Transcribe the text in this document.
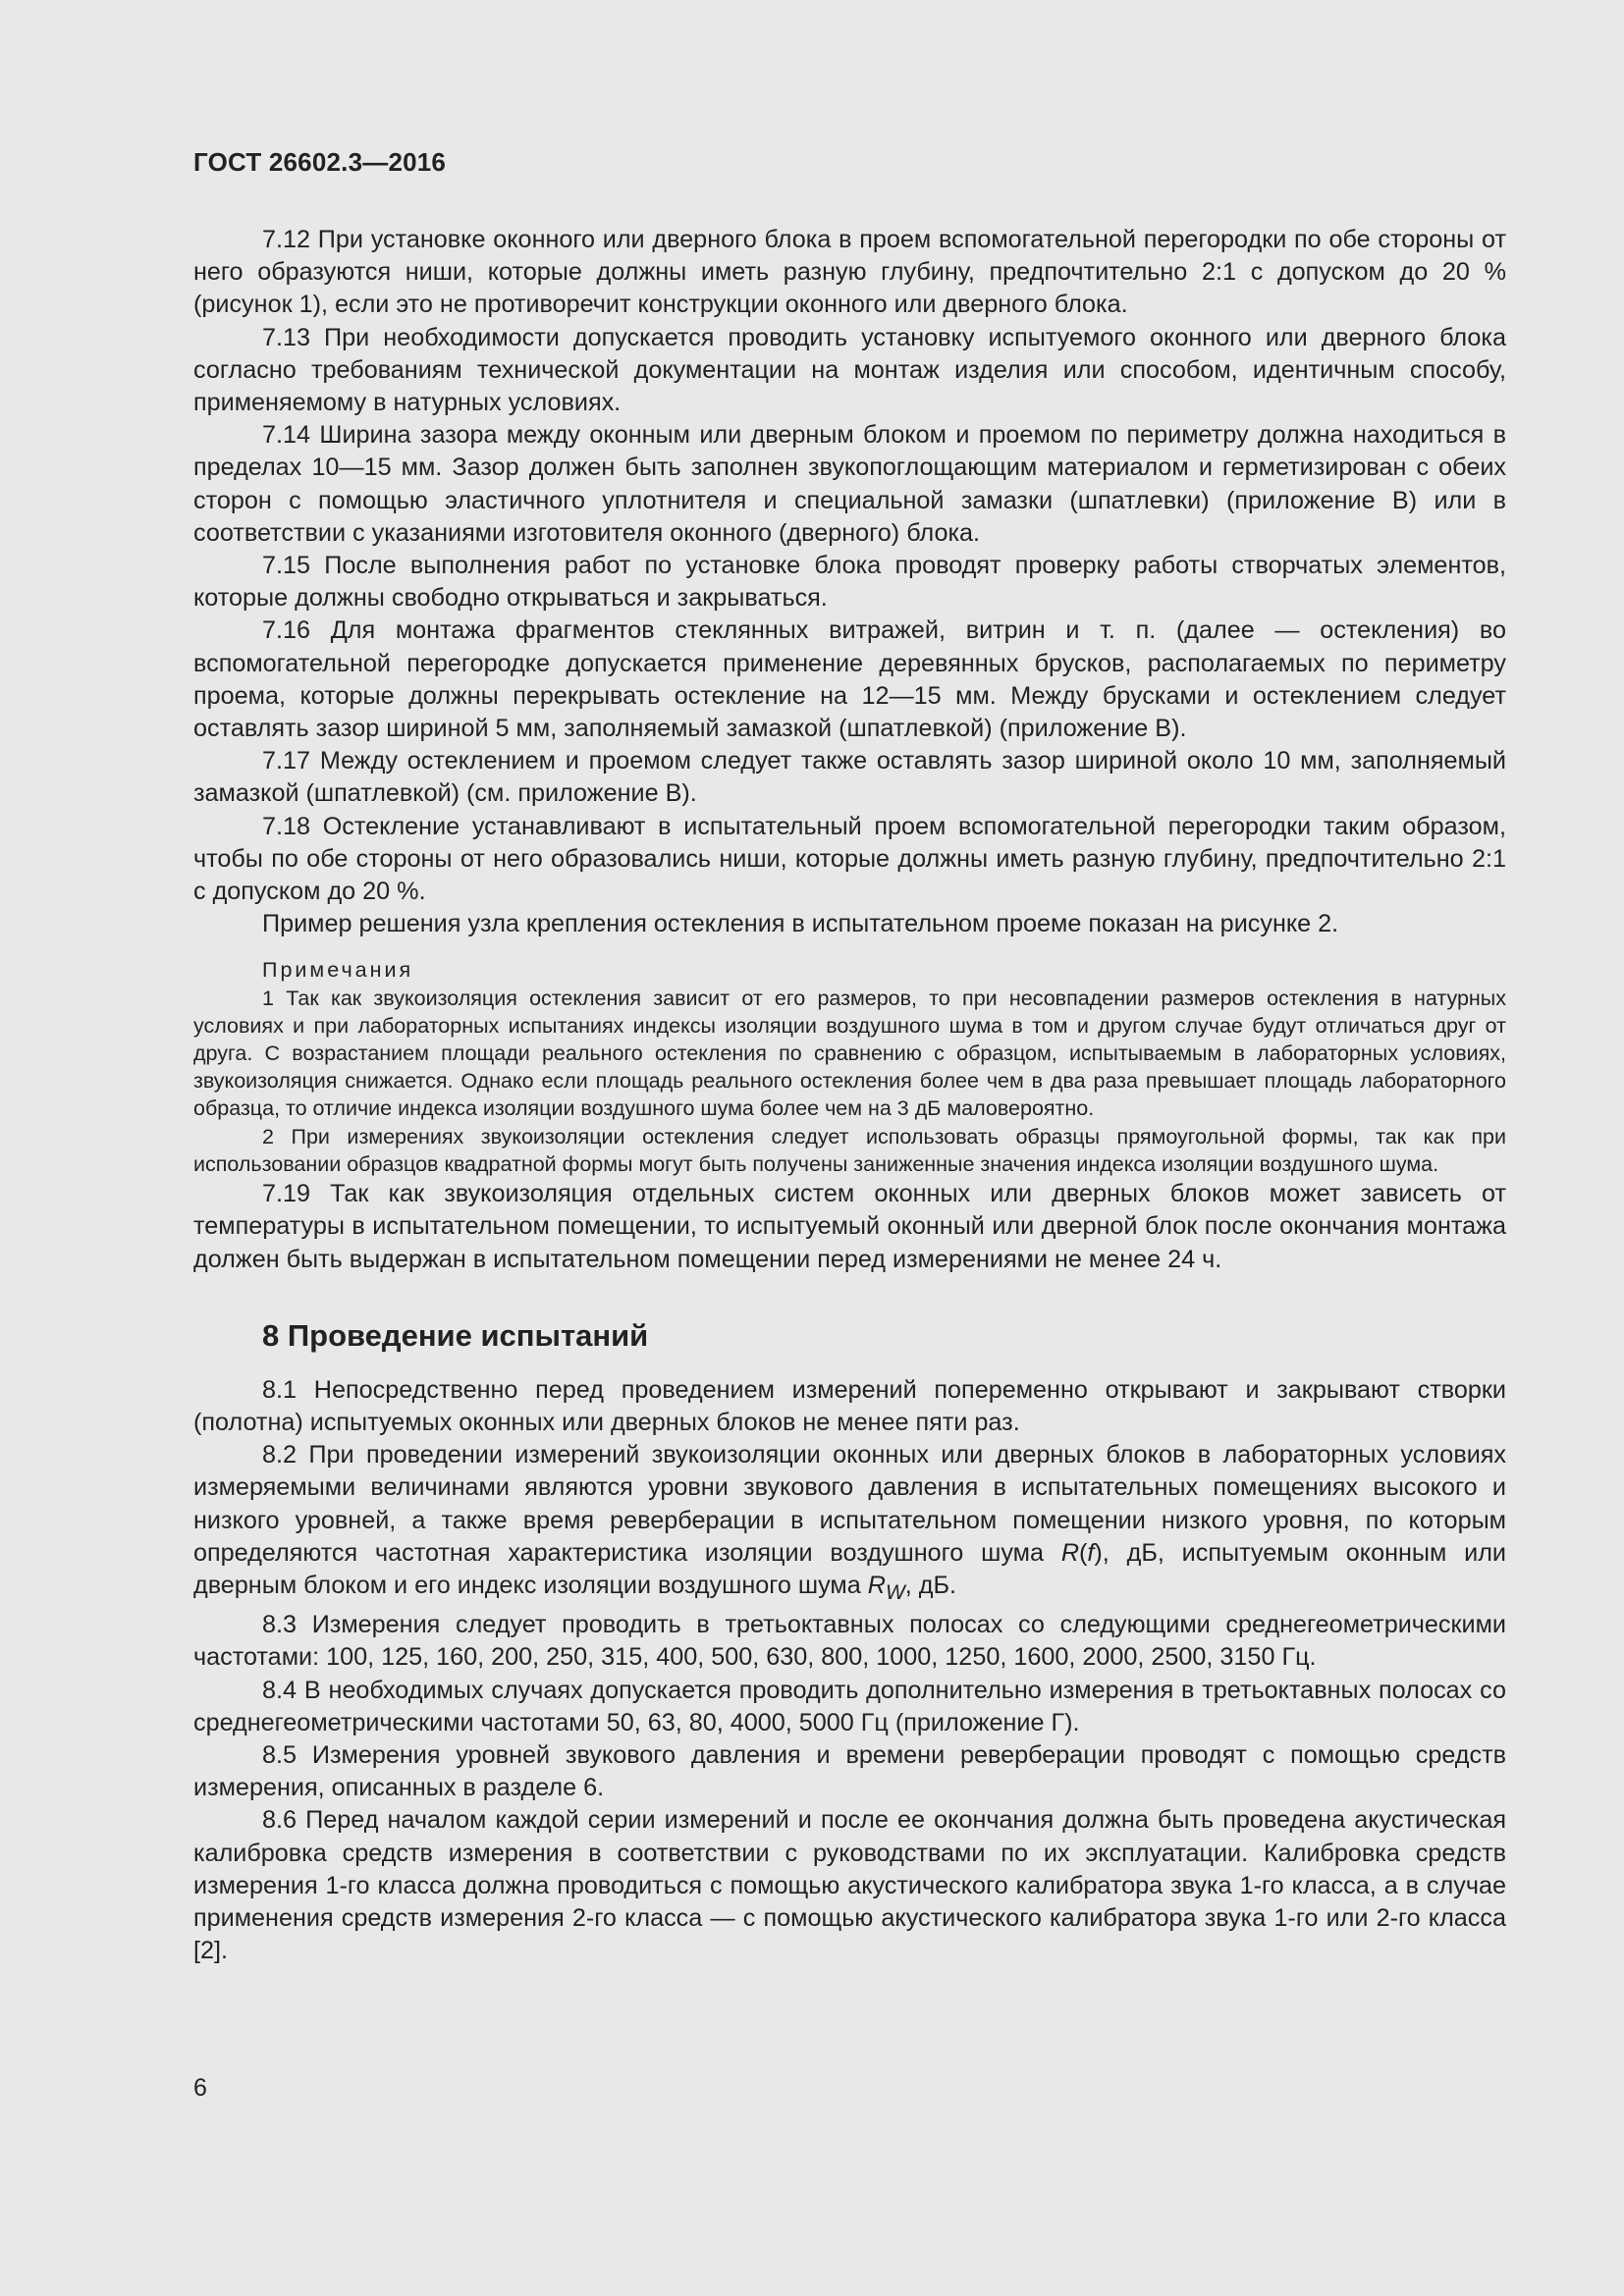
ГОСТ 26602.3—2016

7.12 При установке оконного или дверного блока в проем вспомогательной перегородки по обе стороны от него образуются ниши, которые должны иметь разную глубину, предпочтительно 2:1 с допуском до 20 % (рисунок 1), если это не противоречит конструкции оконного или дверного блока.

7.13 При необходимости допускается проводить установку испытуемого оконного или дверного блока согласно требованиям технической документации на монтаж изделия или способом, идентичным способу, применяемому в натурных условиях.

7.14 Ширина зазора между оконным или дверным блоком и проемом по периметру должна находиться в пределах 10—15 мм. Зазор должен быть заполнен звукопоглощающим материалом и герметизирован с обеих сторон с помощью эластичного уплотнителя и специальной замазки (шпатлевки) (приложение В) или в соответствии с указаниями изготовителя оконного (дверного) блока.

7.15 После выполнения работ по установке блока проводят проверку работы створчатых элементов, которые должны свободно открываться и закрываться.

7.16 Для монтажа фрагментов стеклянных витражей, витрин и т. п. (далее — остекления) во вспомогательной перегородке допускается применение деревянных брусков, располагаемых по периметру проема, которые должны перекрывать остекление на 12—15 мм. Между брусками и остеклением следует оставлять зазор шириной 5 мм, заполняемый замазкой (шпатлевкой) (приложение В).

7.17 Между остеклением и проемом следует также оставлять зазор шириной около 10 мм, заполняемый замазкой (шпатлевкой) (см. приложение В).

7.18 Остекление устанавливают в испытательный проем вспомогательной перегородки таким образом, чтобы по обе стороны от него образовались ниши, которые должны иметь разную глубину, предпочтительно 2:1 с допуском до 20 %.

Пример решения узла крепления остекления в испытательном проеме показан на рисунке 2.

Примечания

1 Так как звукоизоляция остекления зависит от его размеров, то при несовпадении размеров остекления в натурных условиях и при лабораторных испытаниях индексы изоляции воздушного шума в том и другом случае будут отличаться друг от друга. С возрастанием площади реального остекления по сравнению с образцом, испытываемым в лабораторных условиях, звукоизоляция снижается. Однако если площадь реального остекления более чем в два раза превышает площадь лабораторного образца, то отличие индекса изоляции воздушного шума более чем на 3 дБ маловероятно.

2 При измерениях звукоизоляции остекления следует использовать образцы прямоугольной формы, так как при использовании образцов квадратной формы могут быть получены заниженные значения индекса изоляции воздушного шума.

7.19 Так как звукоизоляция отдельных систем оконных или дверных блоков может зависеть от температуры в испытательном помещении, то испытуемый оконный или дверной блок после окончания монтажа должен быть выдержан в испытательном помещении перед измерениями не менее 24 ч.

8 Проведение испытаний

8.1 Непосредственно перед проведением измерений попеременно открывают и закрывают створки (полотна) испытуемых оконных или дверных блоков не менее пяти раз.

8.2 При проведении измерений звукоизоляции оконных или дверных блоков в лабораторных условиях измеряемыми величинами являются уровни звукового давления в испытательных помещениях высокого и низкого уровней, а также время реверберации в испытательном помещении низкого уровня, по которым определяются частотная характеристика изоляции воздушного шума R(f), дБ, испытуемым оконным или дверным блоком и его индекс изоляции воздушного шума $R_W$, дБ.

8.3 Измерения следует проводить в третьоктавных полосах со следующими среднегеометрическими частотами: 100, 125, 160, 200, 250, 315, 400, 500, 630, 800, 1000, 1250, 1600, 2000, 2500, 3150 Гц.

8.4 В необходимых случаях допускается проводить дополнительно измерения в третьоктавных полосах со среднегеометрическими частотами 50, 63, 80, 4000, 5000 Гц (приложение Г).

8.5 Измерения уровней звукового давления и времени реверберации проводят с помощью средств измерения, описанных в разделе 6.

8.6 Перед началом каждой серии измерений и после ее окончания должна быть проведена акустическая калибровка средств измерения в соответствии с руководствами по их эксплуатации. Калибровка средств измерения 1-го класса должна проводиться с помощью акустического калибратора звука 1-го класса, а в случае применения средств измерения 2-го класса — с помощью акустического калибратора звука 1-го или 2-го класса [2].

6
